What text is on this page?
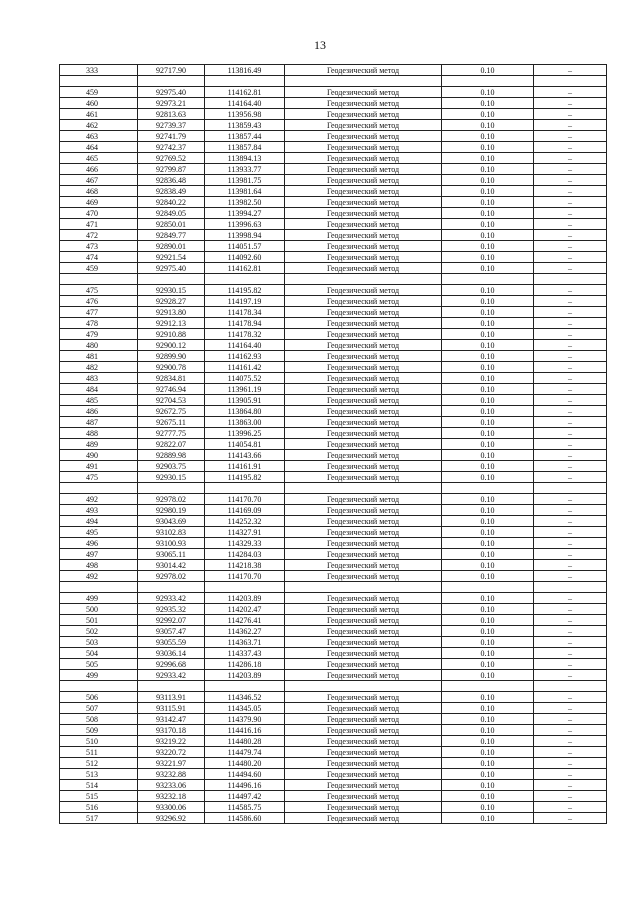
13
333	92717.90	113816.49	Геодезический метод	0.10	–

459	92975.40	114162.81	Геодезический метод	0.10	–
460	92973.21	114164.40	Геодезический метод	0.10	–
461	92813.63	113956.98	Геодезический метод	0.10	–
462	92739.37	113859.43	Геодезический метод	0.10	–
463	92741.79	113857.44	Геодезический метод	0.10	–
464	92742.37	113857.84	Геодезический метод	0.10	–
465	92769.52	113894.13	Геодезический метод	0.10	–
466	92799.87	113933.77	Геодезический метод	0.10	–
467	92836.48	113981.75	Геодезический метод	0.10	–
468	92838.49	113981.64	Геодезический метод	0.10	–
469	92840.22	113982.50	Геодезический метод	0.10	–
470	92849.05	113994.27	Геодезический метод	0.10	–
471	92850.01	113996.63	Геодезический метод	0.10	–
472	92849.77	113998.94	Геодезический метод	0.10	–
473	92890.01	114051.57	Геодезический метод	0.10	–
474	92921.54	114092.60	Геодезический метод	0.10	–
459	92975.40	114162.81	Геодезический метод	0.10	–

475	92930.15	114195.82	Геодезический метод	0.10	–
476	92928.27	114197.19	Геодезический метод	0.10	–
477	92913.80	114178.34	Геодезический метод	0.10	–
478	92912.13	114178.94	Геодезический метод	0.10	–
479	92910.88	114178.32	Геодезический метод	0.10	–
480	92900.12	114164.40	Геодезический метод	0.10	–
481	92899.90	114162.93	Геодезический метод	0.10	–
482	92900.78	114161.42	Геодезический метод	0.10	–
483	92834.81	114075.52	Геодезический метод	0.10	–
484	92746.94	113961.19	Геодезический метод	0.10	–
485	92704.53	113905.91	Геодезический метод	0.10	–
486	92672.75	113864.80	Геодезический метод	0.10	–
487	92675.11	113863.00	Геодезический метод	0.10	–
488	92777.75	113996.25	Геодезический метод	0.10	–
489	92822.07	114054.81	Геодезический метод	0.10	–
490	92889.98	114143.66	Геодезический метод	0.10	–
491	92903.75	114161.91	Геодезический метод	0.10	–
475	92930.15	114195.82	Геодезический метод	0.10	–

492	92978.02	114170.70	Геодезический метод	0.10	–
493	92980.19	114169.09	Геодезический метод	0.10	–
494	93043.69	114252.32	Геодезический метод	0.10	–
495	93102.83	114327.91	Геодезический метод	0.10	–
496	93100.93	114329.33	Геодезический метод	0.10	–
497	93065.11	114284.03	Геодезический метод	0.10	–
498	93014.42	114218.38	Геодезический метод	0.10	–
492	92978.02	114170.70	Геодезический метод	0.10	–

499	92933.42	114203.89	Геодезический метод	0.10	–
500	92935.32	114202.47	Геодезический метод	0.10	–
501	92992.07	114276.41	Геодезический метод	0.10	–
502	93057.47	114362.27	Геодезический метод	0.10	–
503	93055.59	114363.71	Геодезический метод	0.10	–
504	93036.14	114337.43	Геодезический метод	0.10	–
505	92996.68	114286.18	Геодезический метод	0.10	–
499	92933.42	114203.89	Геодезический метод	0.10	–

506	93113.91	114346.52	Геодезический метод	0.10	–
507	93115.91	114345.05	Геодезический метод	0.10	–
508	93142.47	114379.90	Геодезический метод	0.10	–
509	93170.18	114416.16	Геодезический метод	0.10	–
510	93219.22	114480.28	Геодезический метод	0.10	–
511	93220.72	114479.74	Геодезический метод	0.10	–
512	93221.97	114480.20	Геодезический метод	0.10	–
513	93232.88	114494.60	Геодезический метод	0.10	–
514	93233.06	114496.16	Геодезический метод	0.10	–
515	93232.18	114497.42	Геодезический метод	0.10	–
516	93300.06	114585.75	Геодезический метод	0.10	–
517	93296.92	114586.60	Геодезический метод	0.10	–
